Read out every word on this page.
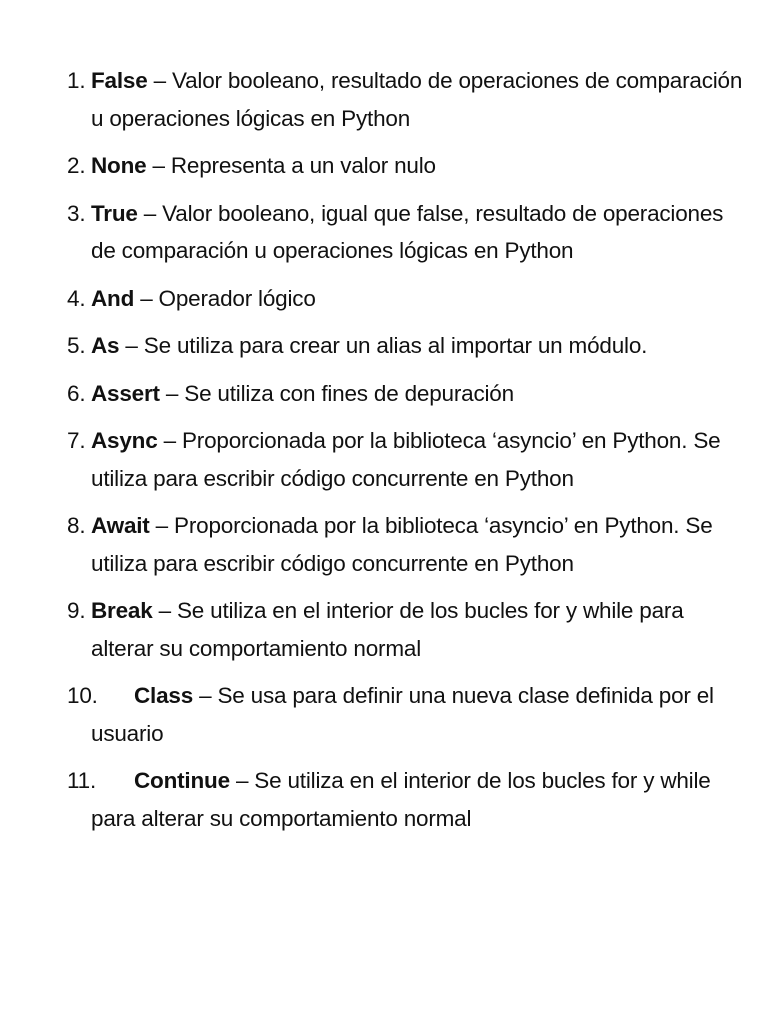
1. False – Valor booleano, resultado de operaciones de comparación u operaciones lógicas en Python
2. None – Representa a un valor nulo
3. True – Valor booleano, igual que false, resultado de operaciones de comparación u operaciones lógicas en Python
4. And – Operador lógico
5. As – Se utiliza para crear un alias al importar un módulo.
6. Assert – Se utiliza con fines de depuración
7. Async – Proporcionada por la biblioteca ‘asyncio’ en Python. Se utiliza para escribir código concurrente en Python
8. Await – Proporcionada por la biblioteca ‘asyncio’ en Python. Se utiliza para escribir código concurrente en Python
9. Break – Se utiliza en el interior de los bucles for y while para alterar su comportamiento normal
10. Class – Se usa para definir una nueva clase definida por el usuario
11. Continue – Se utiliza en el interior de los bucles for y while para alterar su comportamiento normal
